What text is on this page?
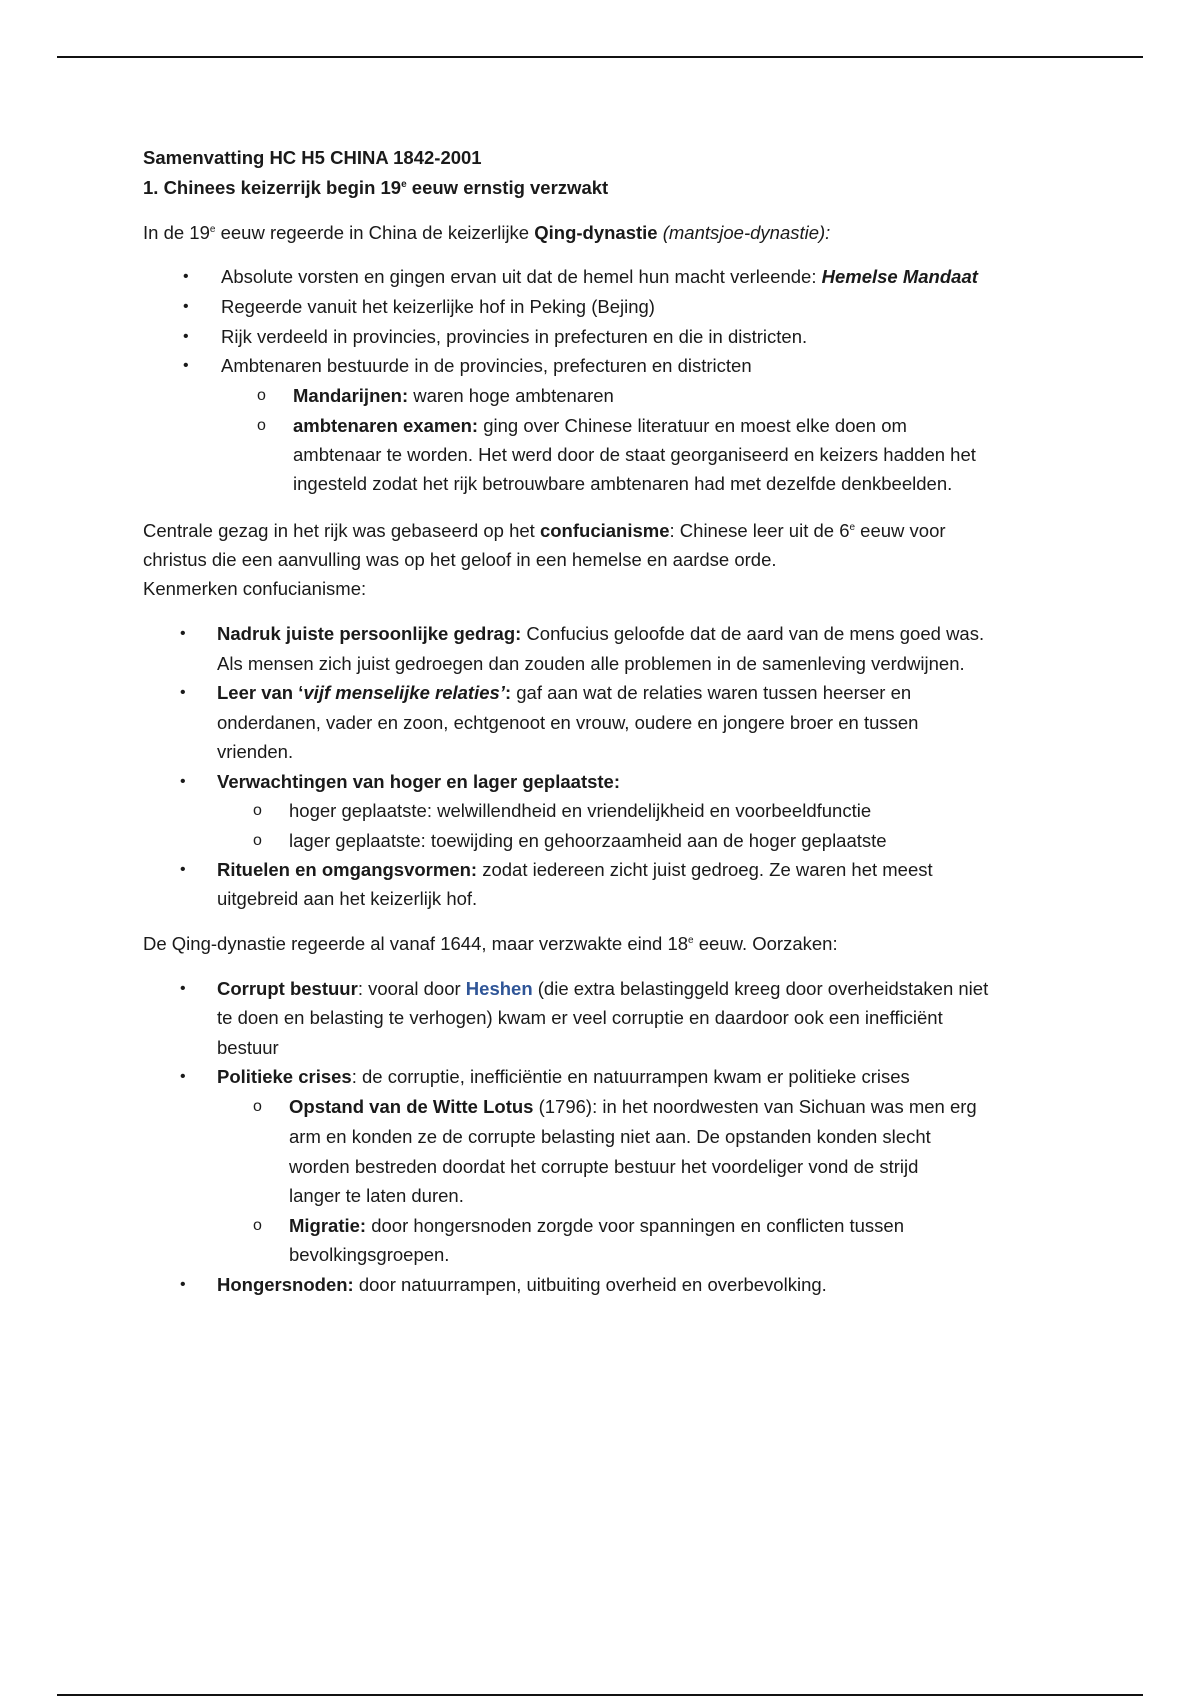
Samenvatting HC H5 CHINA 1842-2001
1. Chinees keizerrijk begin 19e eeuw ernstig verzwakt
In de 19e eeuw regeerde in China de keizerlijke Qing-dynastie (mantsjoe-dynastie):
• Absolute vorsten en gingen ervan uit dat de hemel hun macht verleende: Hemelse Mandaat
• Regeerde vanuit het keizerlijke hof in Peking (Bejing)
• Rijk verdeeld in provincies, provincies in prefecturen en die in districten.
• Ambtenaren bestuurde in de provincies, prefecturen en districten
o Mandarijnen: waren hoge ambtenaren
o ambtenaren examen: ging over Chinese literatuur en moest elke doen om
ambtenaar te worden. Het werd door de staat georganiseerd en keizers hadden het
ingesteld zodat het rijk betrouwbare ambtenaren had met dezelfde denkbeelden.
Centrale gezag in het rijk was gebaseerd op het confucianisme: Chinese leer uit de 6e eeuw voor
christus die een aanvulling was op het geloof in een hemelse en aardse orde.
Kenmerken confucianisme:
• Nadruk juiste persoonlijke gedrag: Confucius geloofde dat de aard van de mens goed was.
Als mensen zich juist gedroegen dan zouden alle problemen in de samenleving verdwijnen.
• Leer van ‘vijf menselijke relaties’: gaf aan wat de relaties waren tussen heerser en
onderdanen, vader en zoon, echtgenoot en vrouw, oudere en jongere broer en tussen
vrienden.
• Verwachtingen van hoger en lager geplaatste:
o hoger geplaatste: welwillendheid en vriendelijkheid en voorbeeldfunctie
o lager geplaatste: toewijding en gehoorzaamheid aan de hoger geplaatste
• Rituelen en omgangsvormen: zodat iedereen zicht juist gedroeg. Ze waren het meest
uitgebreid aan het keizerlijk hof.
De Qing-dynastie regeerde al vanaf 1644, maar verzwakte eind 18e eeuw. Oorzaken:
• Corrupt bestuur: vooral door Heshen (die extra belastinggeld kreeg door overheidstaken niet
te doen en belasting te verhogen) kwam er veel corruptie en daardoor ook een inefficiënt
bestuur
• Politieke crises: de corruptie, inefficiëntie en natuurrampen kwam er politieke crises
o Opstand van de Witte Lotus (1796): in het noordwesten van Sichuan was men erg
arm en konden ze de corrupte belasting niet aan. De opstanden konden slecht
worden bestreden doordat het corrupte bestuur het voordeliger vond de strijd
langer te laten duren.
o Migratie: door hongersnoden zorgde voor spanningen en conflicten tussen
bevolkingsgroepen.
• Hongersnoden: door natuurrampen, uitbuiting overheid en overbevolking.
